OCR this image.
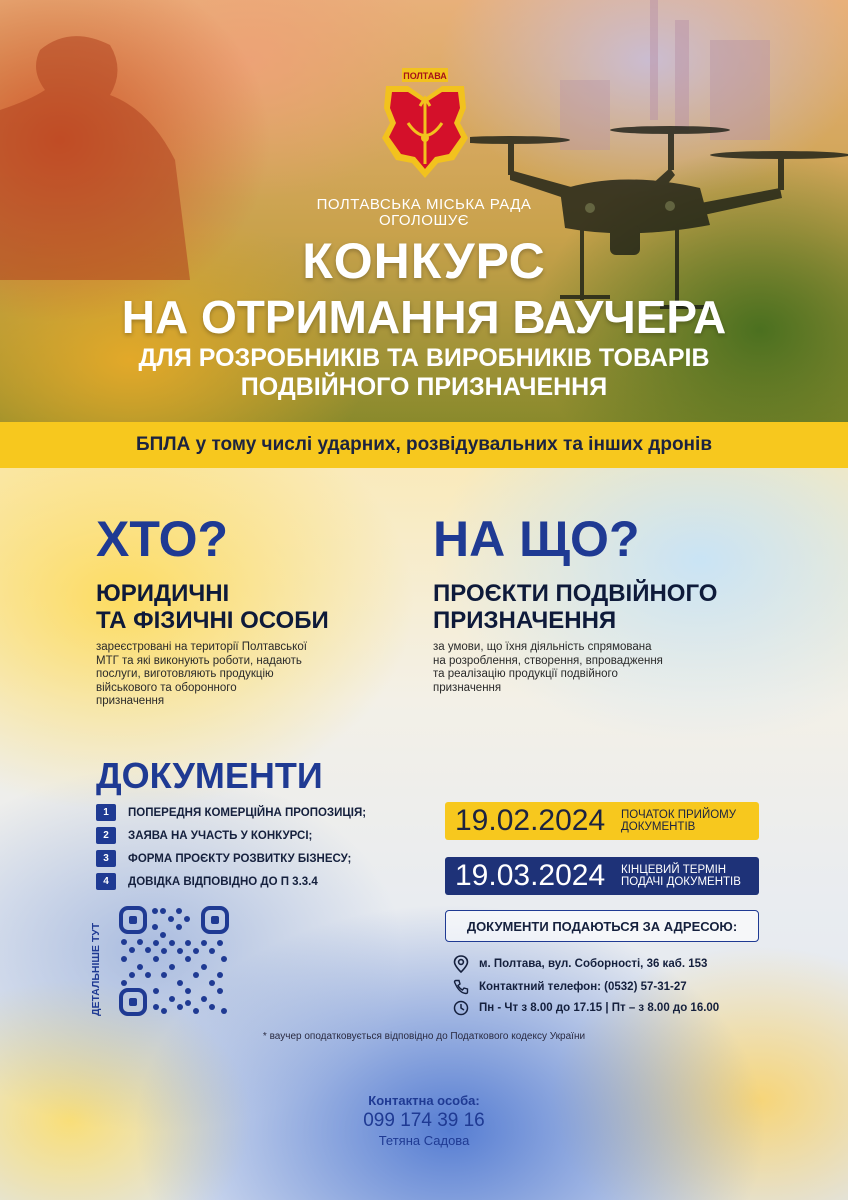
ПОЛТАВА
ПОЛТАВСЬКА МІСЬКА РАДА
ОГОЛОШУЄ
КОНКУРС
НА ОТРИМАННЯ ВАУЧЕРА
ДЛЯ РОЗРОБНИКІВ ТА ВИРОБНИКІВ ТОВАРІВ
ПОДВІЙНОГО ПРИЗНАЧЕННЯ
БПЛА у тому числі ударних, розвідувальних та інших дронів
ХТО?
ЮРИДИЧНІ
ТА ФІЗИЧНІ ОСОБИ
зареєстровані на території Полтавської
МТГ та які виконують роботи, надають
послуги, виготовляють продукцію
військового та оборонного
призначення
НА ЩО?
ПРОЄКТИ ПОДВІЙНОГО
ПРИЗНАЧЕННЯ
за умови, що їхня діяльність спрямована
на розроблення, створення, впровадження
та реалізацію продукції подвійного
призначення
ДОКУМЕНТИ
1	ПОПЕРЕДНЯ КОМЕРЦІЙНА ПРОПОЗИЦІЯ;
2	ЗАЯВА НА УЧАСТЬ У КОНКУРСІ;
3	ФОРМА ПРОЄКТУ РОЗВИТКУ БІЗНЕСУ;
4	ДОВІДКА ВІДПОВІДНО ДО П 3.3.4
19.02.2024	ПОЧАТОК ПРИЙОМУ
ДОКУМЕНТІВ
19.03.2024	КІНЦЕВИЙ ТЕРМІН
ПОДАЧІ ДОКУМЕНТІВ
ДОКУМЕНТИ ПОДАЮТЬСЯ ЗА АДРЕСОЮ:
м. Полтава, вул. Соборності, 36 каб. 153
Контактний телефон: (0532) 57-31-27
Пн - Чт з 8.00 до 17.15 | Пт – з 8.00 до 16.00
ДЕТАЛЬНІШЕ ТУТ
* ваучер оподатковується відповідно до Податкового кодексу України
Контактна особа:
099 174 39 16
Тетяна Садова
